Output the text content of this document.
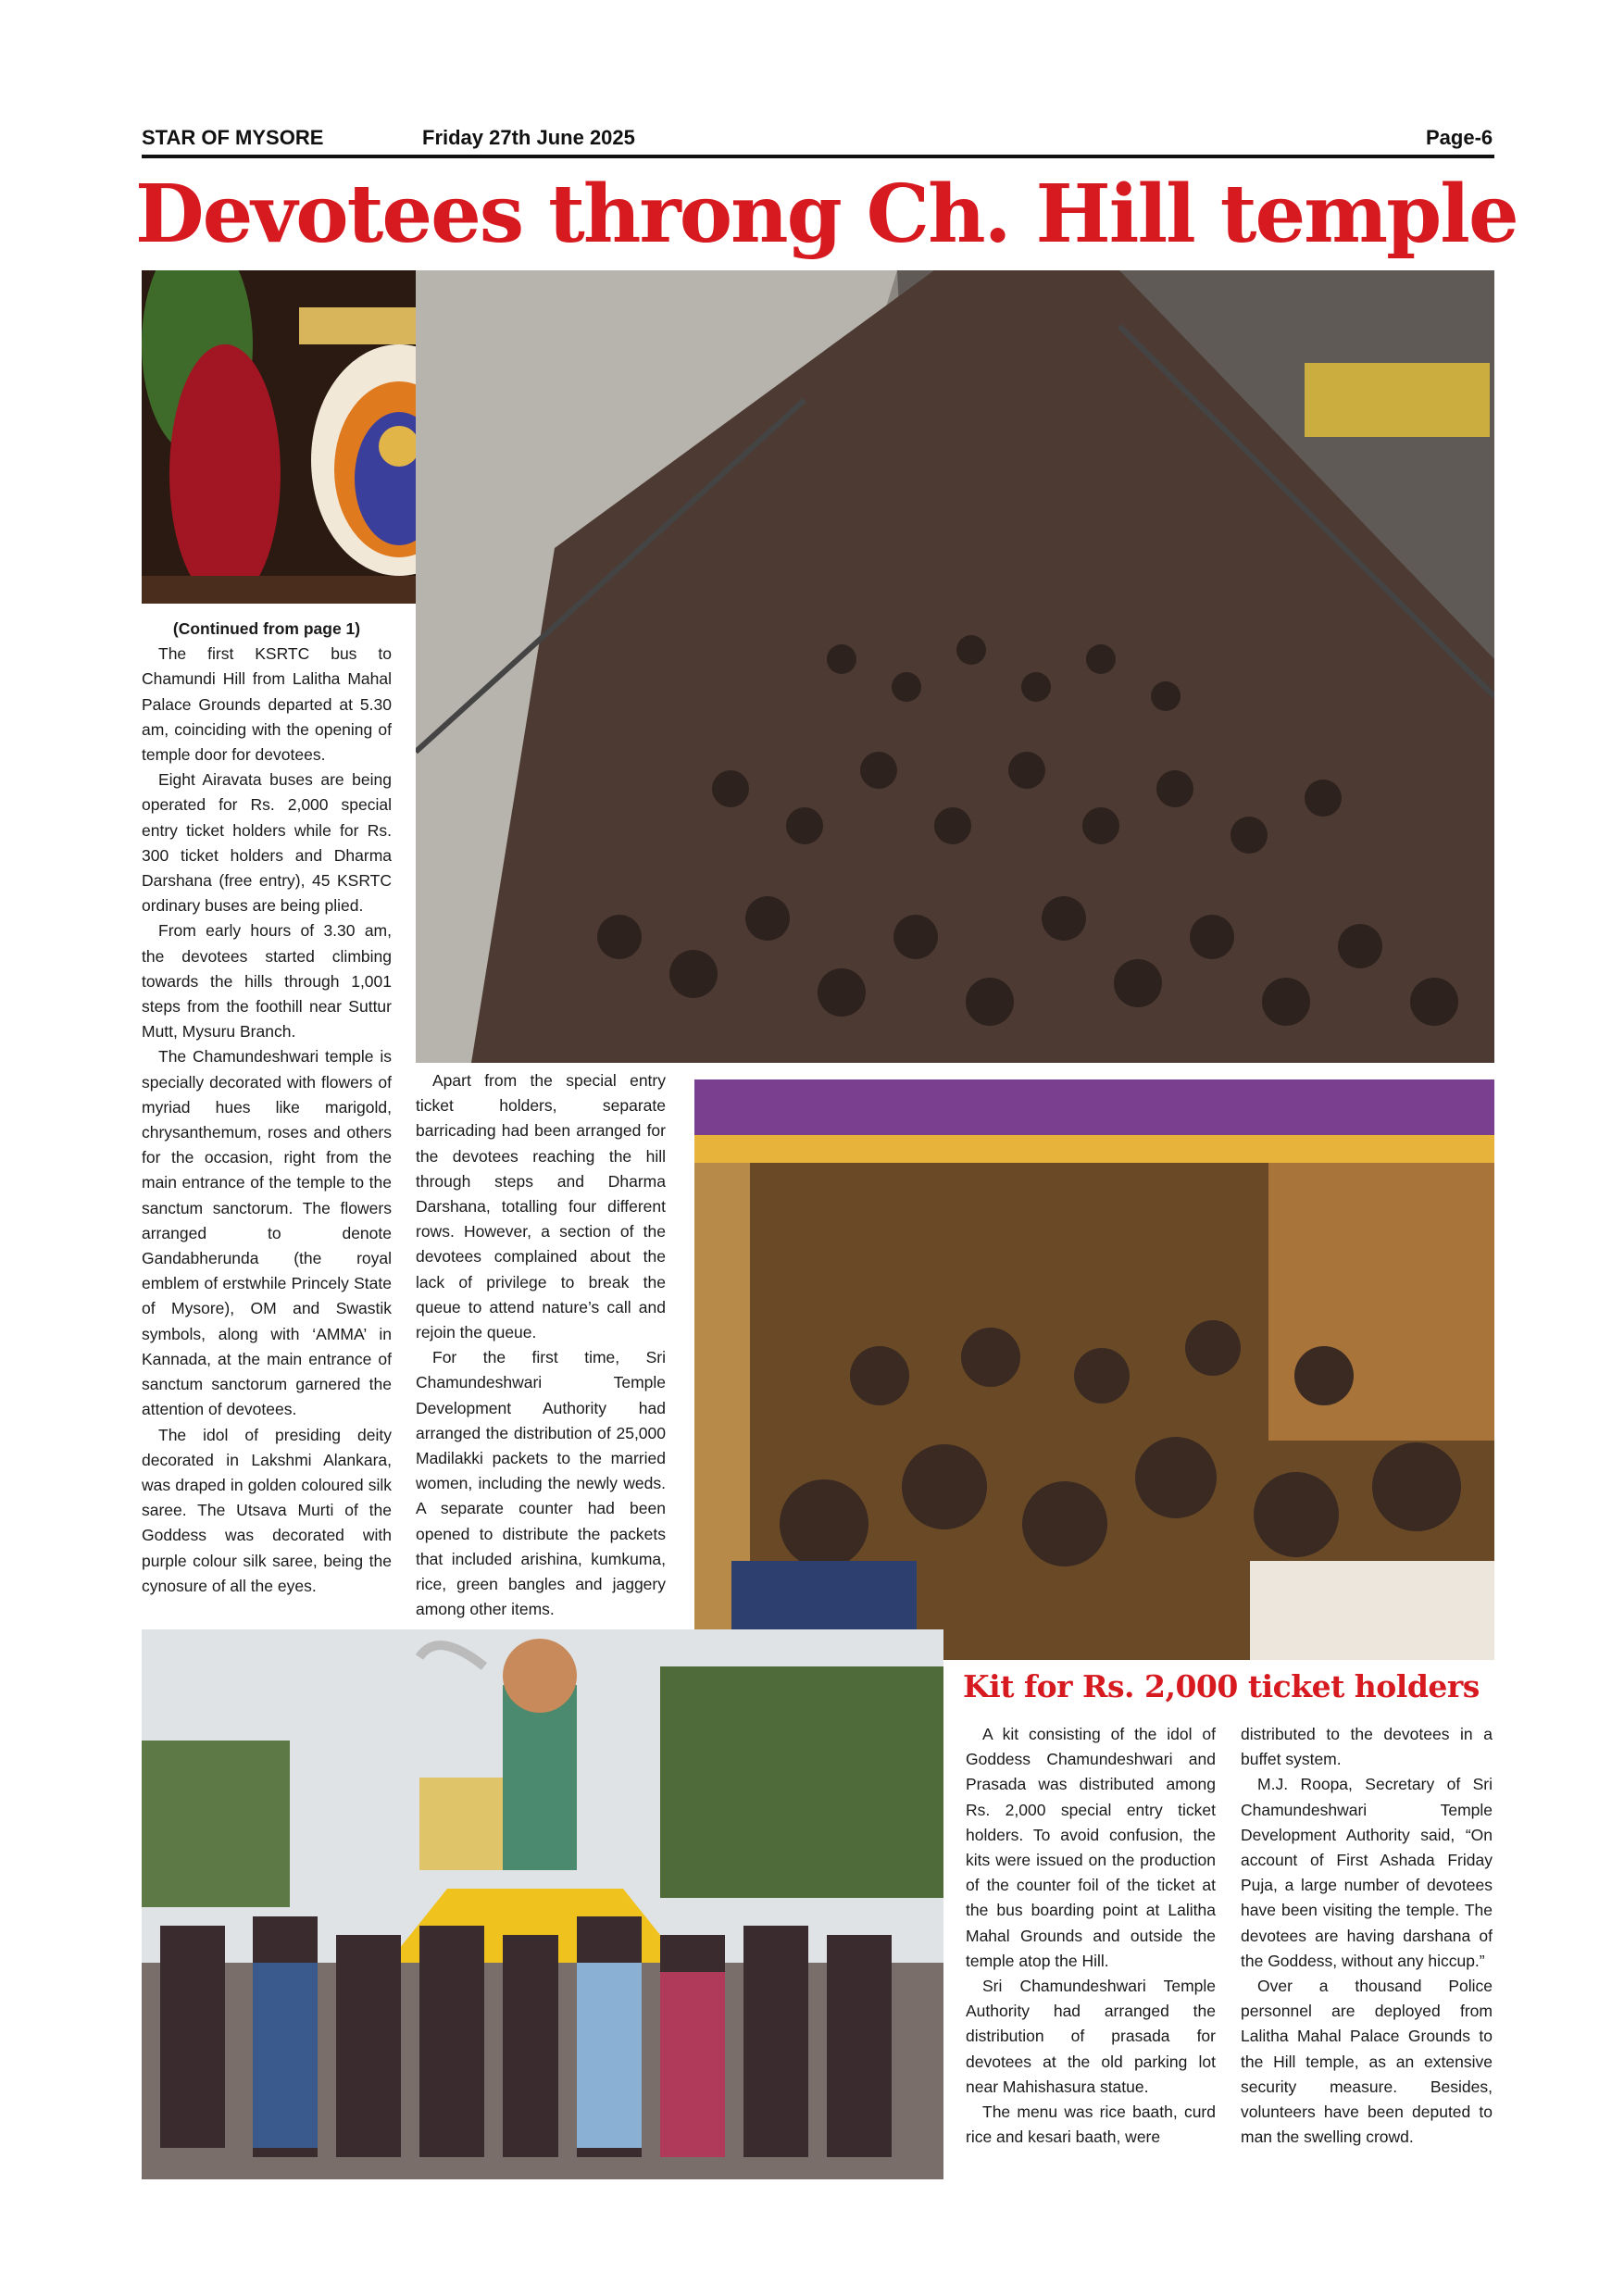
STAR OF MYSORE	Friday 27th June 2025	Page-6
Devotees throng Ch. Hill temple

(Continued from page 1)

The first KSRTC bus to Chamundi Hill from Lalitha Mahal Palace Grounds departed at 5.30 am, coinciding with the opening of temple door for devotees.

Eight Airavata buses are being operated for Rs. 2,000 special entry ticket holders while for Rs. 300 ticket holders and Dharma Darshana (free entry), 45 KSRTC ordinary buses are being plied.

From early hours of 3.30 am, the devotees started climbing towards the hills through 1,001 steps from the foothill near Suttur Mutt, Mysuru Branch.

The Chamundeshwari temple is specially decorated with flowers of myriad hues like marigold, chrysanthemum, roses and others for the occasion, right from the main entrance of the temple to the sanctum sanctorum. The flowers arranged to denote Gandabherunda (the royal emblem of erstwhile Princely State of Mysore), OM and Swastik symbols, along with ‘AMMA’ in Kannada, at the main entrance of sanctum sanctorum garnered the attention of devotees.

The idol of presiding deity decorated in Lakshmi Alankara, was draped in golden coloured silk saree. The Utsava Murti of the Goddess was decorated with purple colour silk saree, being the cynosure of all the eyes.

Apart from the special entry ticket holders, separate barricading had been arranged for the devotees reaching the hill through steps and Dharma Darshana, totalling four different rows. However, a section of the devotees complained about the lack of privilege to break the queue to attend nature’s call and rejoin the queue.

For the first time, Sri Chamundeshwari Temple Development Authority had arranged the distribution of 25,000 Madilakki packets to the married women, including the newly weds. A separate counter had been opened to distribute the packets that included arishina, kumkuma, rice, green bangles and jaggery among other items.

Kit for Rs. 2,000 ticket holders

A kit consisting of the idol of Goddess Chamundeshwari and Prasada was distributed among Rs. 2,000 special entry ticket holders. To avoid confusion, the kits were issued on the production of the counter foil of the ticket at the bus boarding point at Lalitha Mahal Grounds and outside the temple atop the Hill.

Sri Chamundeshwari Temple Authority had arranged the distribution of prasada for devotees at the old parking lot near Mahishasura statue.

The menu was rice baath, curd rice and kesari baath, were

distributed to the devotees in a buffet system.

M.J. Roopa, Secretary of Sri Chamundeshwari Temple Development Authority said, “On account of First Ashada Friday Puja, a large number of devotees have been visiting the temple. The devotees are having darshana of the Goddess, without any hiccup.”

Over a thousand Police personnel are deployed from Lalitha Mahal Palace Grounds to the Hill temple, as an extensive security measure. Besides, volunteers have been deputed to man the swelling crowd.
